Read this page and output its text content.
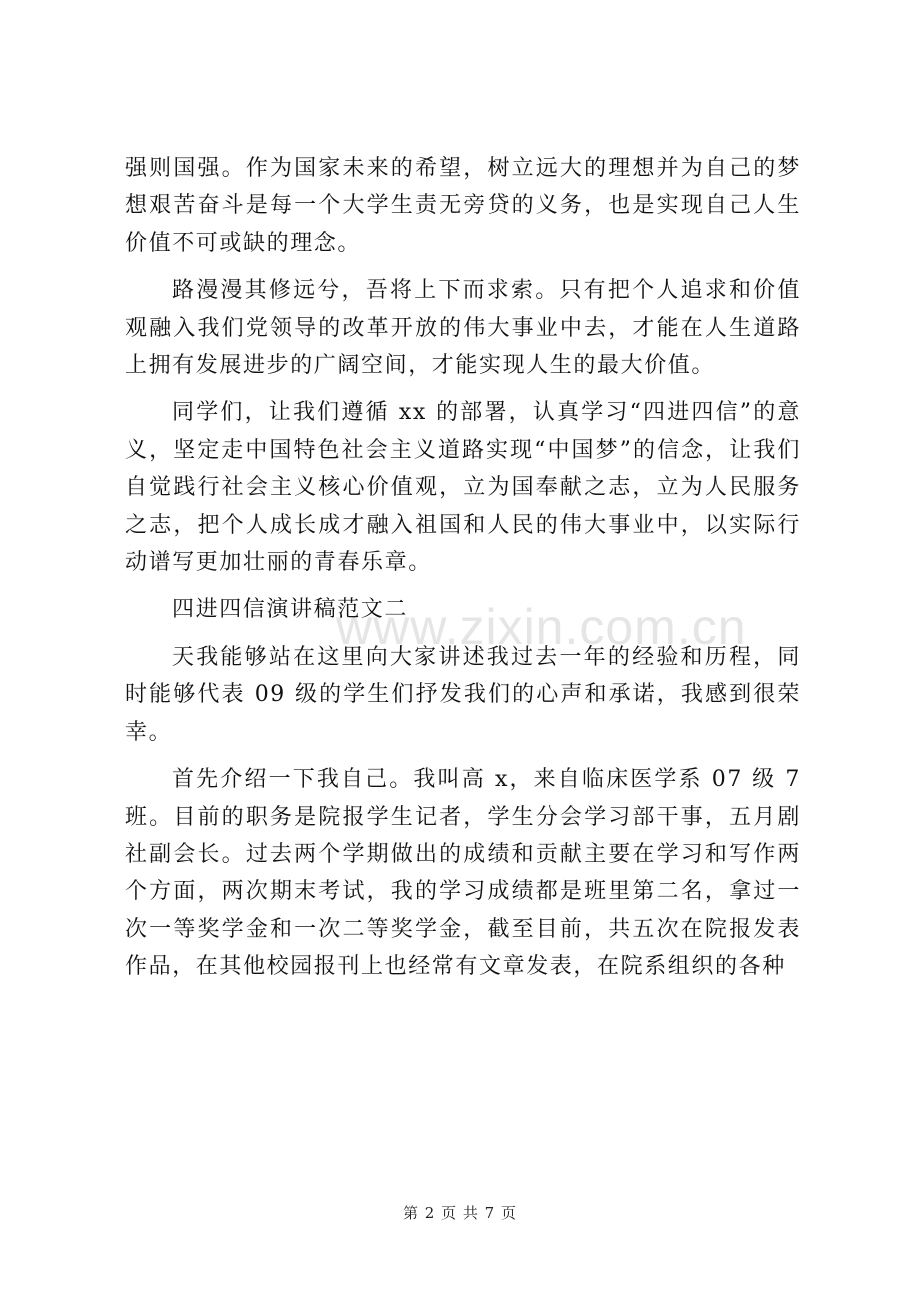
强则国强。作为国家未来的希望，树立远大的理想并为自己的梦想艰苦奋斗是每一个大学生责无旁贷的义务，也是实现自己人生价值不可或缺的理念。

路漫漫其修远兮，吾将上下而求索。只有把个人追求和价值观融入我们党领导的改革开放的伟大事业中去，才能在人生道路上拥有发展进步的广阔空间，才能实现人生的最大价值。

同学们，让我们遵循 xx 的部署，认真学习“四进四信”的意义，坚定走中国特色社会主义道路实现“中国梦”的信念，让我们自觉践行社会主义核心价值观，立为国奉献之志，立为人民服务之志，把个人成长成才融入祖国和人民的伟大事业中，以实际行动谱写更加壮丽的青春乐章。

四进四信演讲稿范文二

天我能够站在这里向大家讲述我过去一年的经验和历程，同时能够代表 09 级的学生们抒发我们的心声和承诺，我感到很荣幸。

首先介绍一下我自己。我叫高 x，来自临床医学系 07 级 7 班。目前的职务是院报学生记者，学生分会学习部干事，五月剧社副会长。过去两个学期做出的成绩和贡献主要在学习和写作两个方面，两次期末考试，我的学习成绩都是班里第二名，拿过一次一等奖学金和一次二等奖学金，截至目前，共五次在院报发表作品，在其他校园报刊上也经常有文章发表，在院系组织的各种

www.zixin.com.cn
第 2 页 共 7 页
